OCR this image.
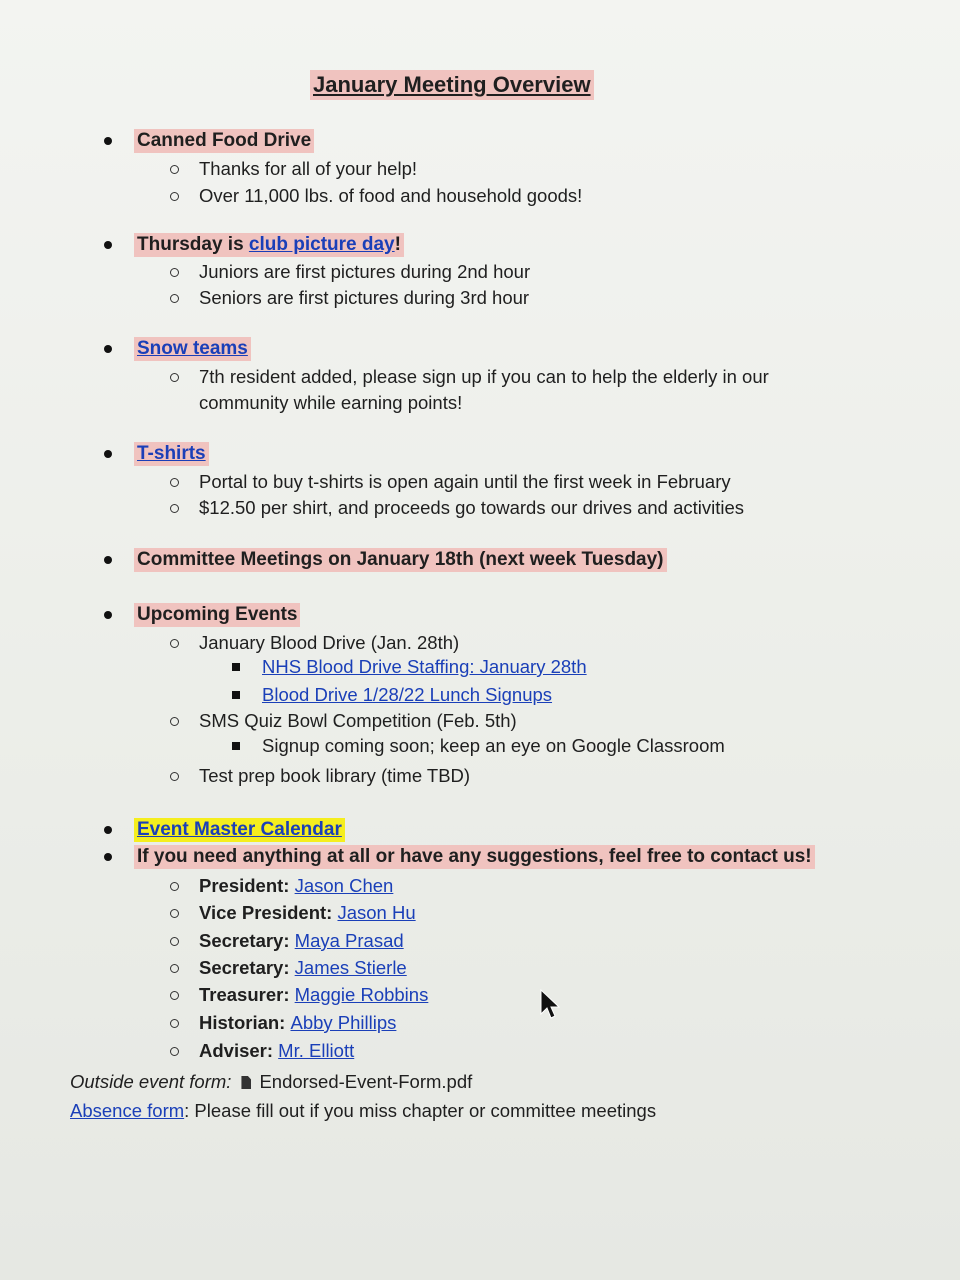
January Meeting Overview
Canned Food Drive
Thanks for all of your help!
Over 11,000 lbs. of food and household goods!
Thursday is club picture day!
Juniors are first pictures during 2nd hour
Seniors are first pictures during 3rd hour
Snow teams
7th resident added, please sign up if you can to help the elderly in our community while earning points!
T-shirts
Portal to buy t-shirts is open again until the first week in February
$12.50 per shirt, and proceeds go towards our drives and activities
Committee Meetings on January 18th (next week Tuesday)
Upcoming Events
January Blood Drive (Jan. 28th)
NHS Blood Drive Staffing: January 28th
Blood Drive 1/28/22 Lunch Signups
SMS Quiz Bowl Competition (Feb. 5th)
Signup coming soon; keep an eye on Google Classroom
Test prep book library (time TBD)
Event Master Calendar
If you need anything at all or have any suggestions, feel free to contact us!
President:
Jason Chen
Vice President:
Jason Hu
Secretary:
Maya Prasad
Secretary:
James Stierle
Treasurer:
Maggie Robbins
Historian:
Abby Phillips
Adviser:
Mr. Elliott
Outside event form: Endorsed-Event-Form.pdf
Absence form: Please fill out if you miss chapter or committee meetings
